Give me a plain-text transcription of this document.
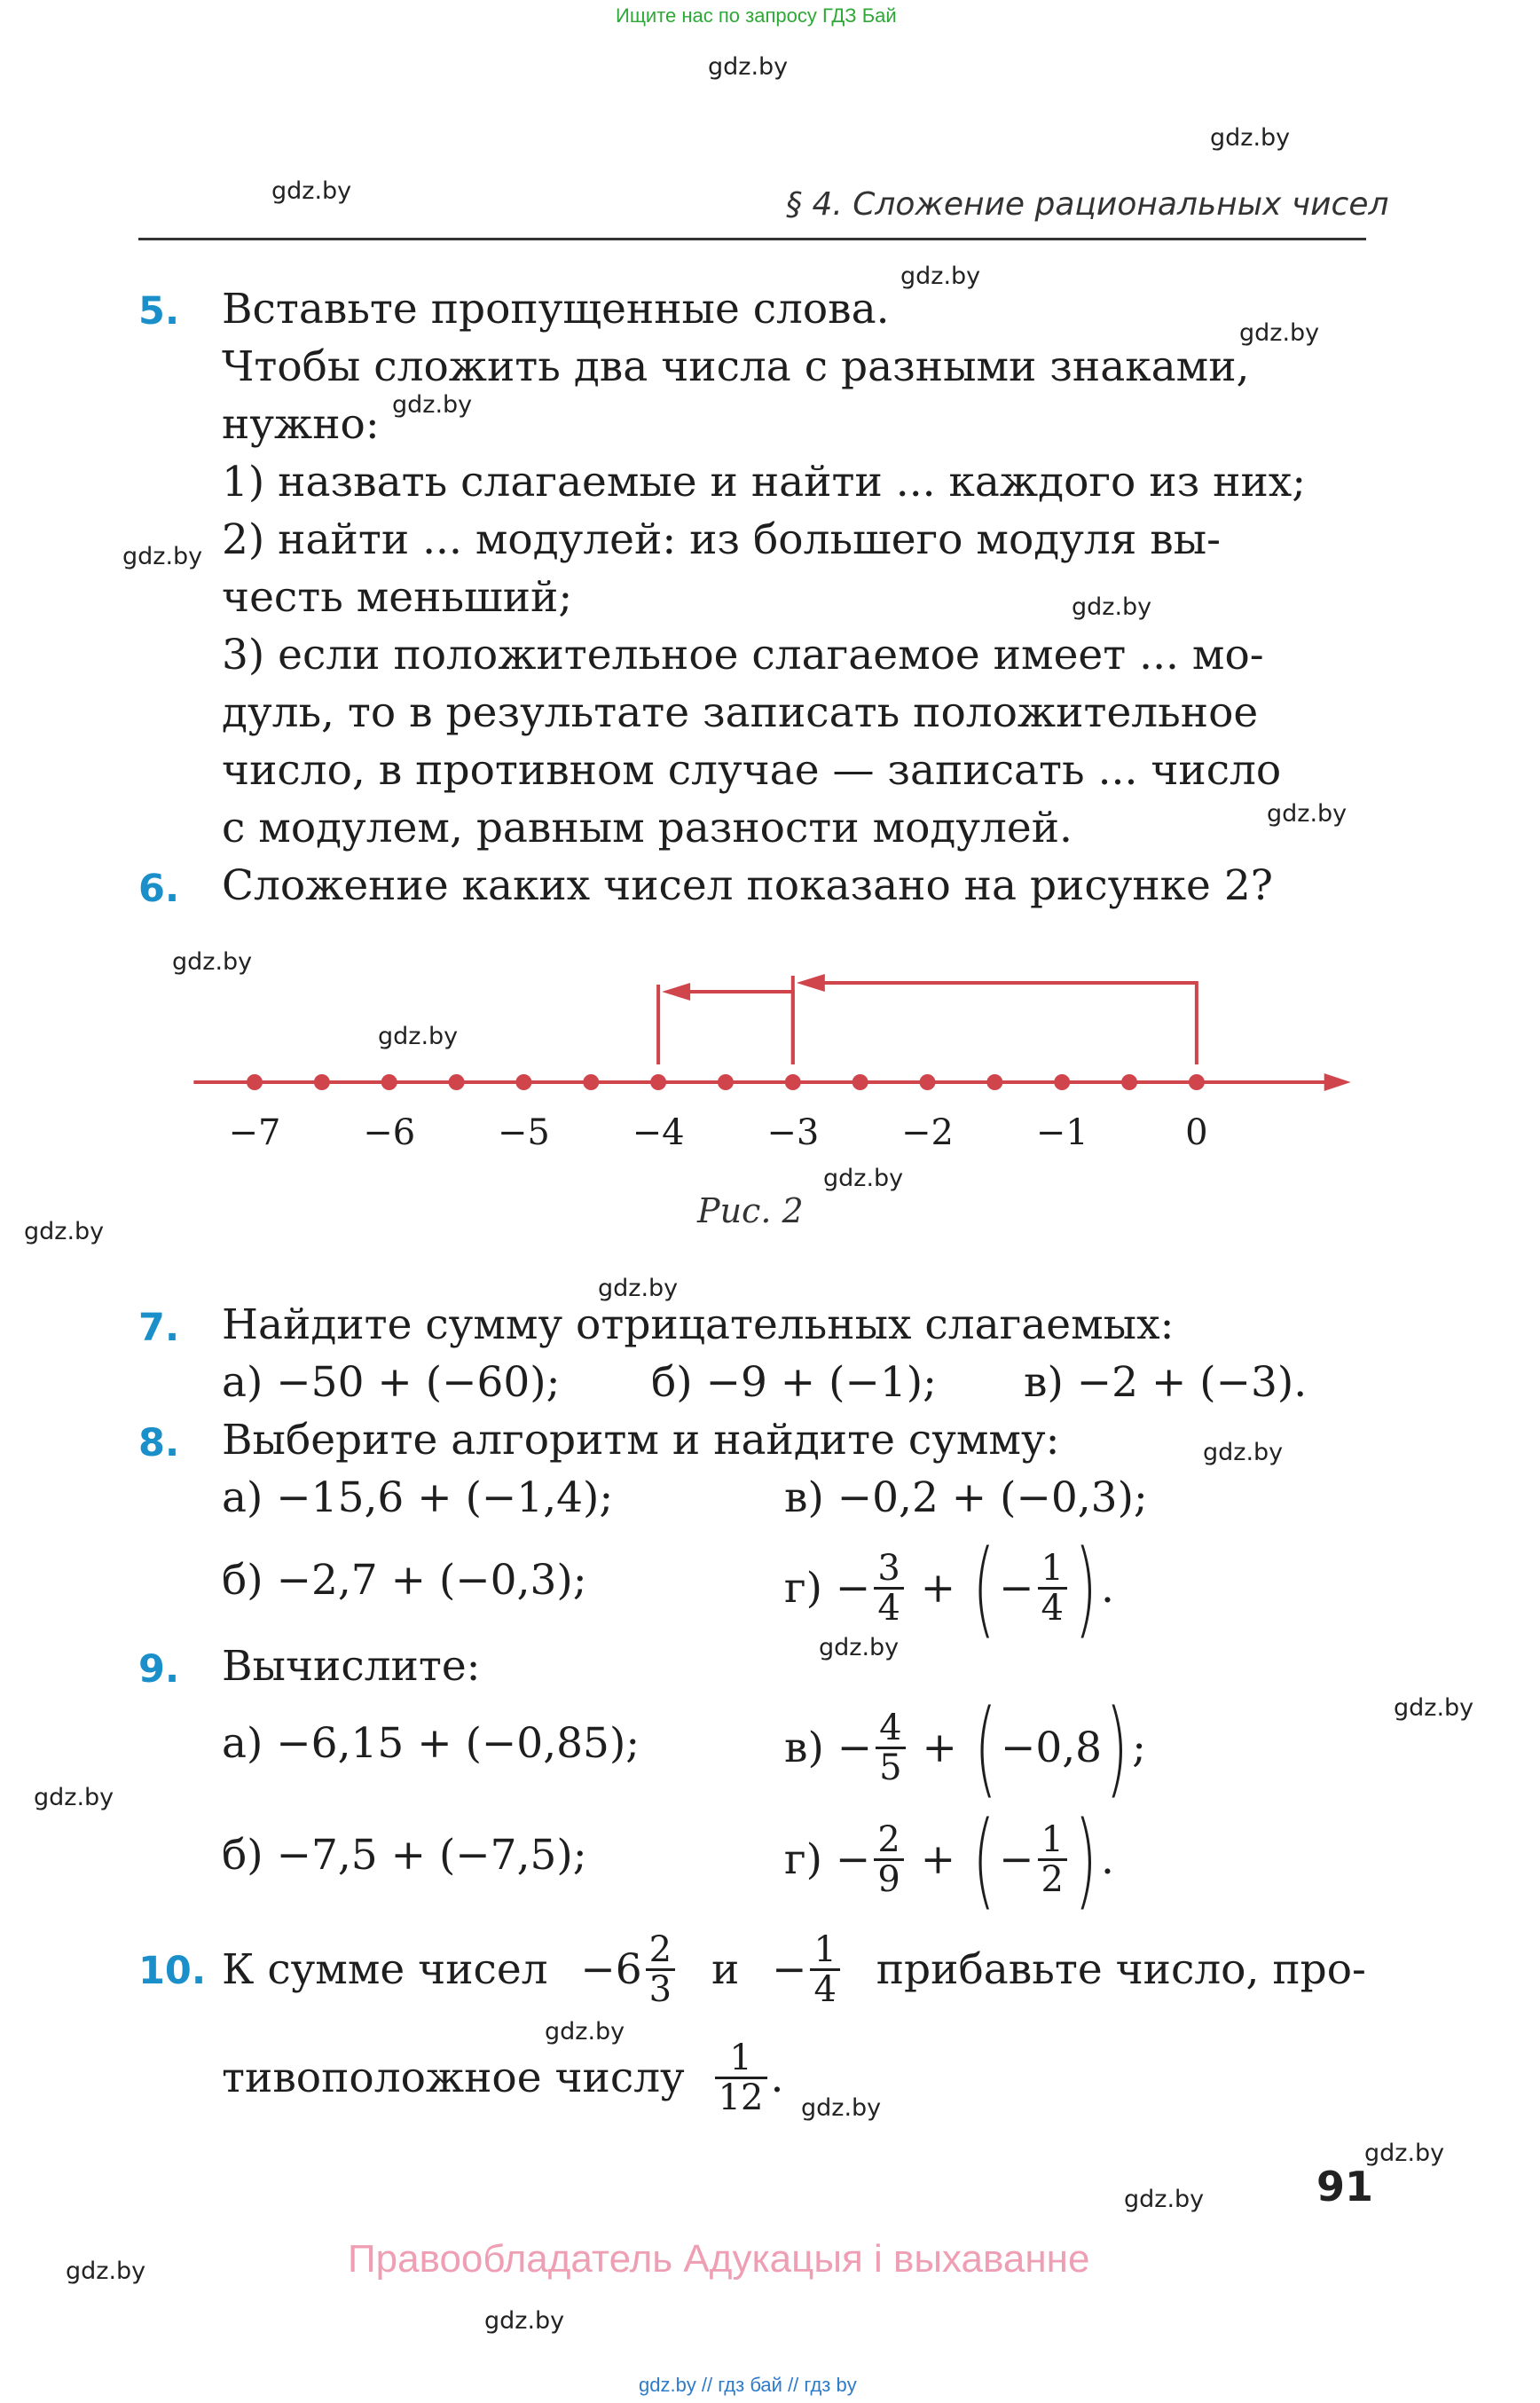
Ищите нас по запросу ГДЗ Бай
§ 4. Сложение рациональных чисел
gdz.by
gdz.by
gdz.by
gdz.by
gdz.by
gdz.by
gdz.by
gdz.by
gdz.by
gdz.by
gdz.by
gdz.by
gdz.by
gdz.by
gdz.by
gdz.by
gdz.by
gdz.by
gdz.by
gdz.by
gdz.by
gdz.by
gdz.by
gdz.by
5. Вставьте пропущенные слова.
Чтобы сложить два числа с разными знаками,
нужно:
1) назвать слагаемые и найти ... каждого из них;
2) найти ... модулей: из большего модуля вы-
честь меньший;
3) если положительное слагаемое имеет ... мо-
дуль, то в результате записать положительное
число, в противном случае — записать ... число
с модулем, равным разности модулей.
6. Сложение каких чисел показано на рисунке 2?
−7 −6 −5 −4 −3 −2 −1	0
Рис. 2
7. Найдите сумму отрицательных слагаемых:
а) −50 + (−60); б) −9 + (−1); в) −2 + (−3).
8. Выберите алгоритм и найдите сумму:
а) −15,6 + (−1,4);	в) −0,2 + (−0,3);
б) −2,7 + (−0,3);	г)
− $\frac{3}{4}$
+
( − $\frac{1}{4}$ ) .
9. Вычислите:
а) −6,15 + (−0,85);	в)
− $\frac{4}{5}$
+
( −0,8 ) ;
б) −7,5 + (−7,5);	г)
− $\frac{2}{9}$
+
( − $\frac{1}{2}$ ) .
10. К сумме чисел $-6 \frac{2}{3}$ $и - \frac{1}{4}$ прибавьте число, про-
тивоположное числу
$\frac{1}{12}$ .
91
Правообладатель Адукацыя і выхаванне
gdz.by // гдз бай // гдз by
